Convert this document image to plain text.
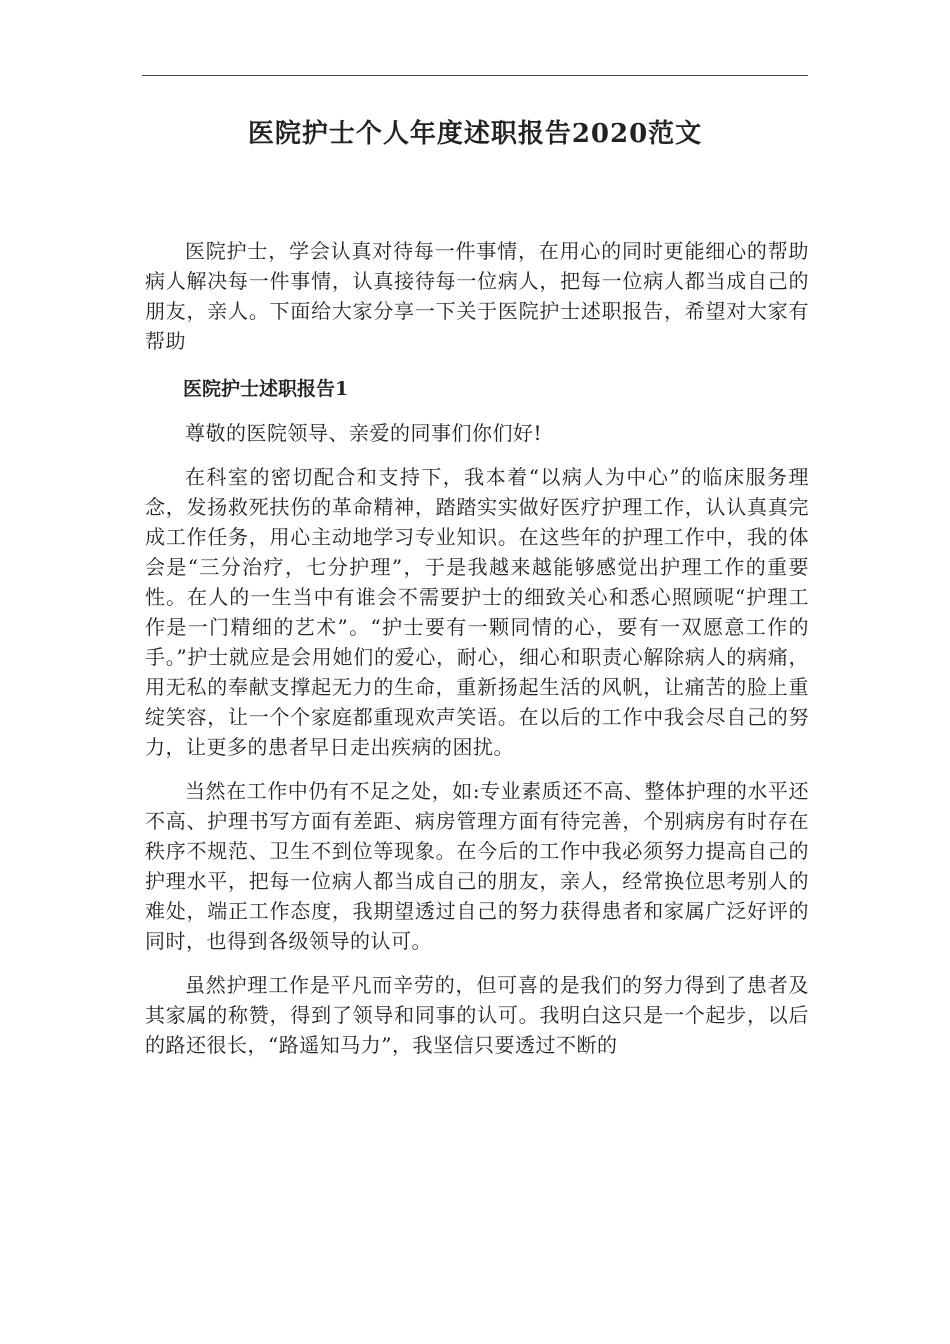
医院护士个人年度述职报告2020范文

医院护士，学会认真对待每一件事情，在用心的同时更能细心的帮助病人解决每一件事情，认真接待每一位病人，把每一位病人都当成自己的朋友，亲人。下面给大家分享一下关于医院护士述职报告，希望对大家有帮助

医院护士述职报告1

尊敬的医院领导、亲爱的同事们你们好!

在科室的密切配合和支持下，我本着“以病人为中心”的临床服务理念，发扬救死扶伤的革命精神，踏踏实实做好医疗护理工作，认认真真完成工作任务，用心主动地学习专业知识。在这些年的护理工作中，我的体会是“三分治疗，七分护理”，于是我越来越能够感觉出护理工作的重要性。在人的一生当中有谁会不需要护士的细致关心和悉心照顾呢“护理工作是一门精细的艺术”。“护士要有一颗同情的心，要有一双愿意工作的手。”护士就应是会用她们的爱心，耐心，细心和职责心解除病人的病痛，用无私的奉献支撑起无力的生命，重新扬起生活的风帆，让痛苦的脸上重绽笑容，让一个个家庭都重现欢声笑语。在以后的工作中我会尽自己的努力，让更多的患者早日走出疾病的困扰。

当然在工作中仍有不足之处，如:专业素质还不高、整体护理的水平还不高、护理书写方面有差距、病房管理方面有待完善，个别病房有时存在秩序不规范、卫生不到位等现象。在今后的工作中我必须努力提高自己的护理水平，把每一位病人都当成自己的朋友，亲人，经常换位思考别人的难处，端正工作态度，我期望透过自己的努力获得患者和家属广泛好评的同时，也得到各级领导的认可。

虽然护理工作是平凡而辛劳的，但可喜的是我们的努力得到了患者及其家属的称赞，得到了领导和同事的认可。我明白这只是一个起步，以后的路还很长，“路遥知马力”，我坚信只要透过不断的
